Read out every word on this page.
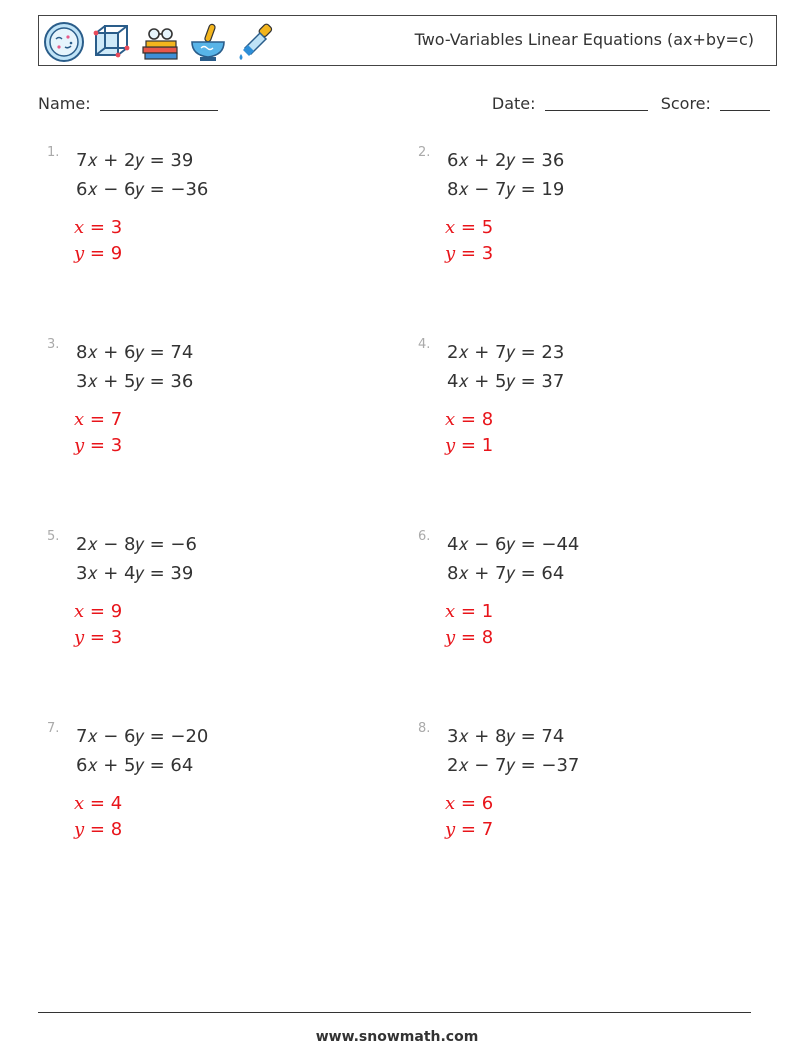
Two-Variables Linear Equations (ax+by=c)
Name:	Date:	Score:
1. 7𝑥 + 2𝑦 = 39
6𝑥 − 6𝑦 = −36
𝑥 = 3
𝑦 = 9
2. 6𝑥 + 2𝑦 = 36
8𝑥 − 7𝑦 = 19
𝑥 = 5
𝑦 = 3
3. 8𝑥 + 6𝑦 = 74
3𝑥 + 5𝑦 = 36
𝑥 = 7
𝑦 = 3
4. 2𝑥 + 7𝑦 = 23
4𝑥 + 5𝑦 = 37
𝑥 = 8
𝑦 = 1
5. 2𝑥 − 8𝑦 = −6
3𝑥 + 4𝑦 = 39
𝑥 = 9
𝑦 = 3
6. 4𝑥 − 6𝑦 = −44
8𝑥 + 7𝑦 = 64
𝑥 = 1
𝑦 = 8
7. 7𝑥 − 6𝑦 = −20
6𝑥 + 5𝑦 = 64
𝑥 = 4
𝑦 = 8
8. 3𝑥 + 8𝑦 = 74
2𝑥 − 7𝑦 = −37
𝑥 = 6
𝑦 = 7
www.snowmath.com
